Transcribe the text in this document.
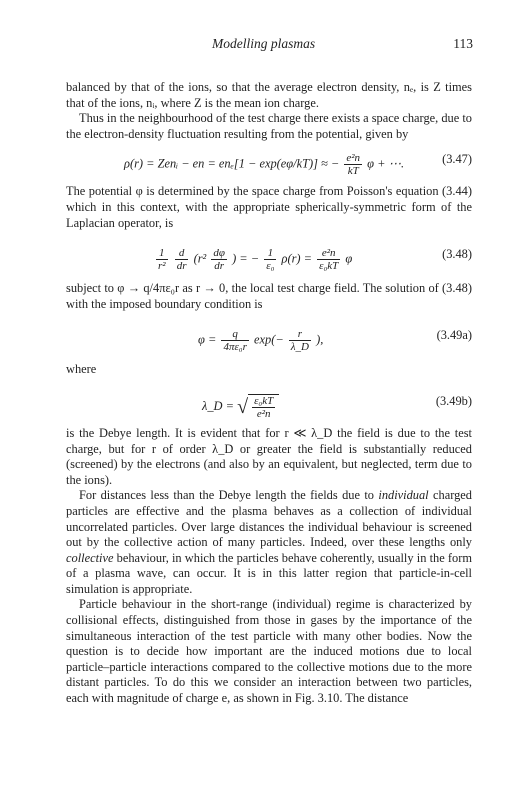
Modelling plasmas	113

balanced by that of the ions, so that the average electron density, nₑ, is Z times that of the ions, nᵢ, where Z is the mean ion charge.

Thus in the neighbourhood of the test charge there exists a space charge, due to the electron-density fluctuation resulting from the potential, given by

ρ(r) = Zenᵢ − en = enₑ[1 − exp(eφ/kT)] ≈ − $\frac{\text{e²n}}{kT}$ φ + ⋯.	(3.47)

The potential φ is determined by the space charge from Poisson's equation (3.44) which in this context, with the appropriate spherically-symmetric form of the Laplacian operator, is

$\frac{1}{\text{r²}}$
$\frac{d}{dr} (r^2 \frac{d\varphi}{dr}$ ) = − $\frac{1}{\text{ε₀}} \rho(r) = \frac{\text{e²n}}{\text{ε₀kT}}$ φ	(3.48)

subject to φ → q/4πε₀r as r → 0, the local test charge field. The solution of (3.48) with the imposed boundary condition is

$\varphi = \frac{q}{\text{4πε₀r}} \exp(- \frac{r}{\lambda\_D}$ ),	(3.49a)

where

λ_D = √ $\frac{\text{ε₀kT}}{\text{e²n}}$	(3.49b)

is the Debye length. It is evident that for r ≪ λ_D the field is due to the test charge, but for r of order λ_D or greater the field is substantially reduced (screened) by the electrons (and also by an equivalent, but neglected, term due to the ions).

For distances less than the Debye length the fields due to individual charged particles are effective and the plasma behaves as a collection of individual uncorrelated particles. Over large distances the individual behaviour is screened out by the collective action of many particles. Indeed, over these lengths only collective behaviour, in which the particles behave coherently, usually in the form of a plasma wave, can occur. It is in this latter region that particle-in-cell simulation is appropriate.

Particle behaviour in the short-range (individual) regime is characterized by collisional effects, distinguished from those in gases by the importance of the simultaneous interaction of the test particle with many other bodies. Now the question is to decide how important are the induced motions due to local particle–particle interactions compared to the collective motions due to the more distant particles. To do this we consider an interaction between two particles, each with magnitude of charge e, as shown in Fig. 3.10. The distance
